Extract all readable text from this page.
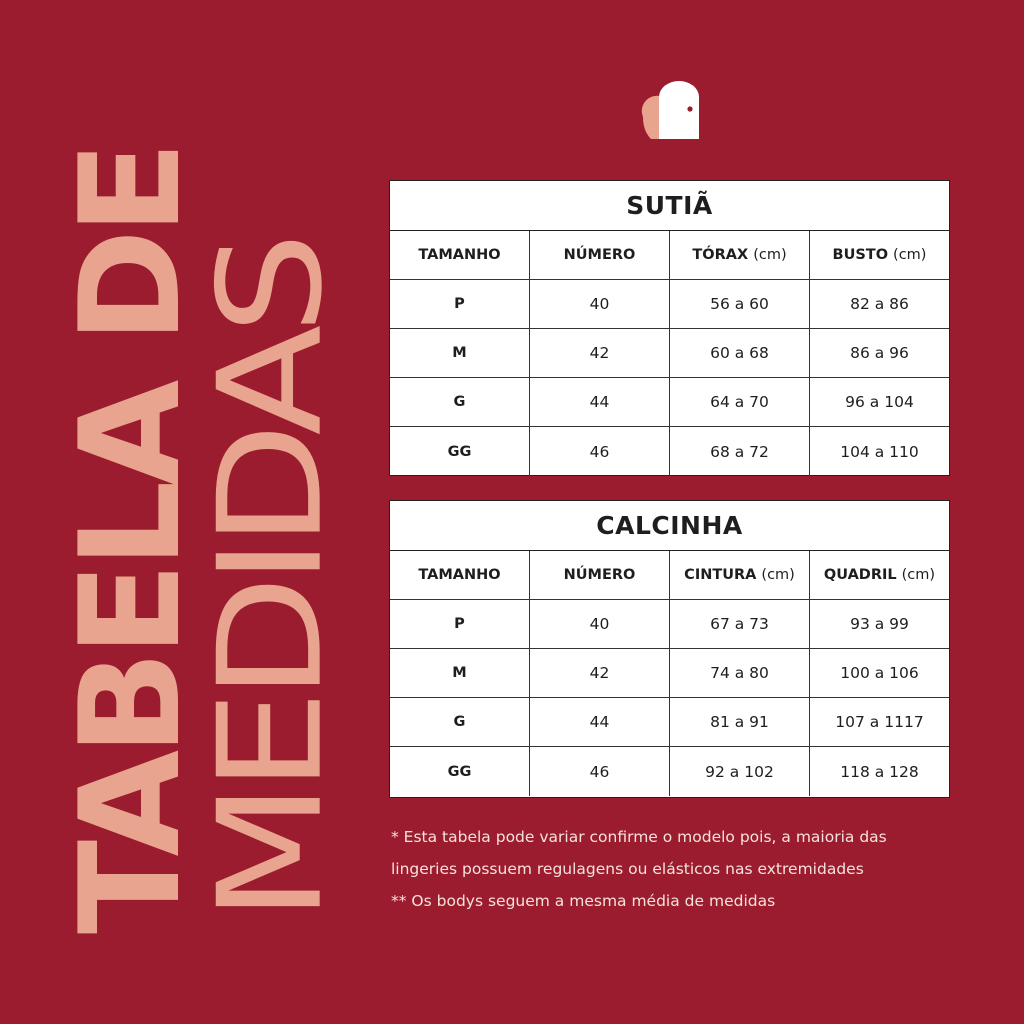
TABELA DE
MEDIDAS
SUTIÃ
TAMANHO	NÚMERO	TÓRAX (cm)	BUSTO (cm)
P	40	56 a 60	82 a 86
M	42	60 a 68	86 a 96
G	44	64 a 70	96 a 104
GG	46	68 a 72	104 a 110
CALCINHA
TAMANHO	NÚMERO	CINTURA (cm) QUADRIL (cm)
P	40	67 a 73	93 a 99
M	42	74 a 80	100 a 106
G	44	81 a 91	107 a 1117
GG	46	92 a 102	118 a 128

* Esta tabela pode variar confirme o modelo pois, a maioria das

lingeries possuem regulagens ou elásticos nas extremidades

** Os bodys seguem a mesma média de medidas
